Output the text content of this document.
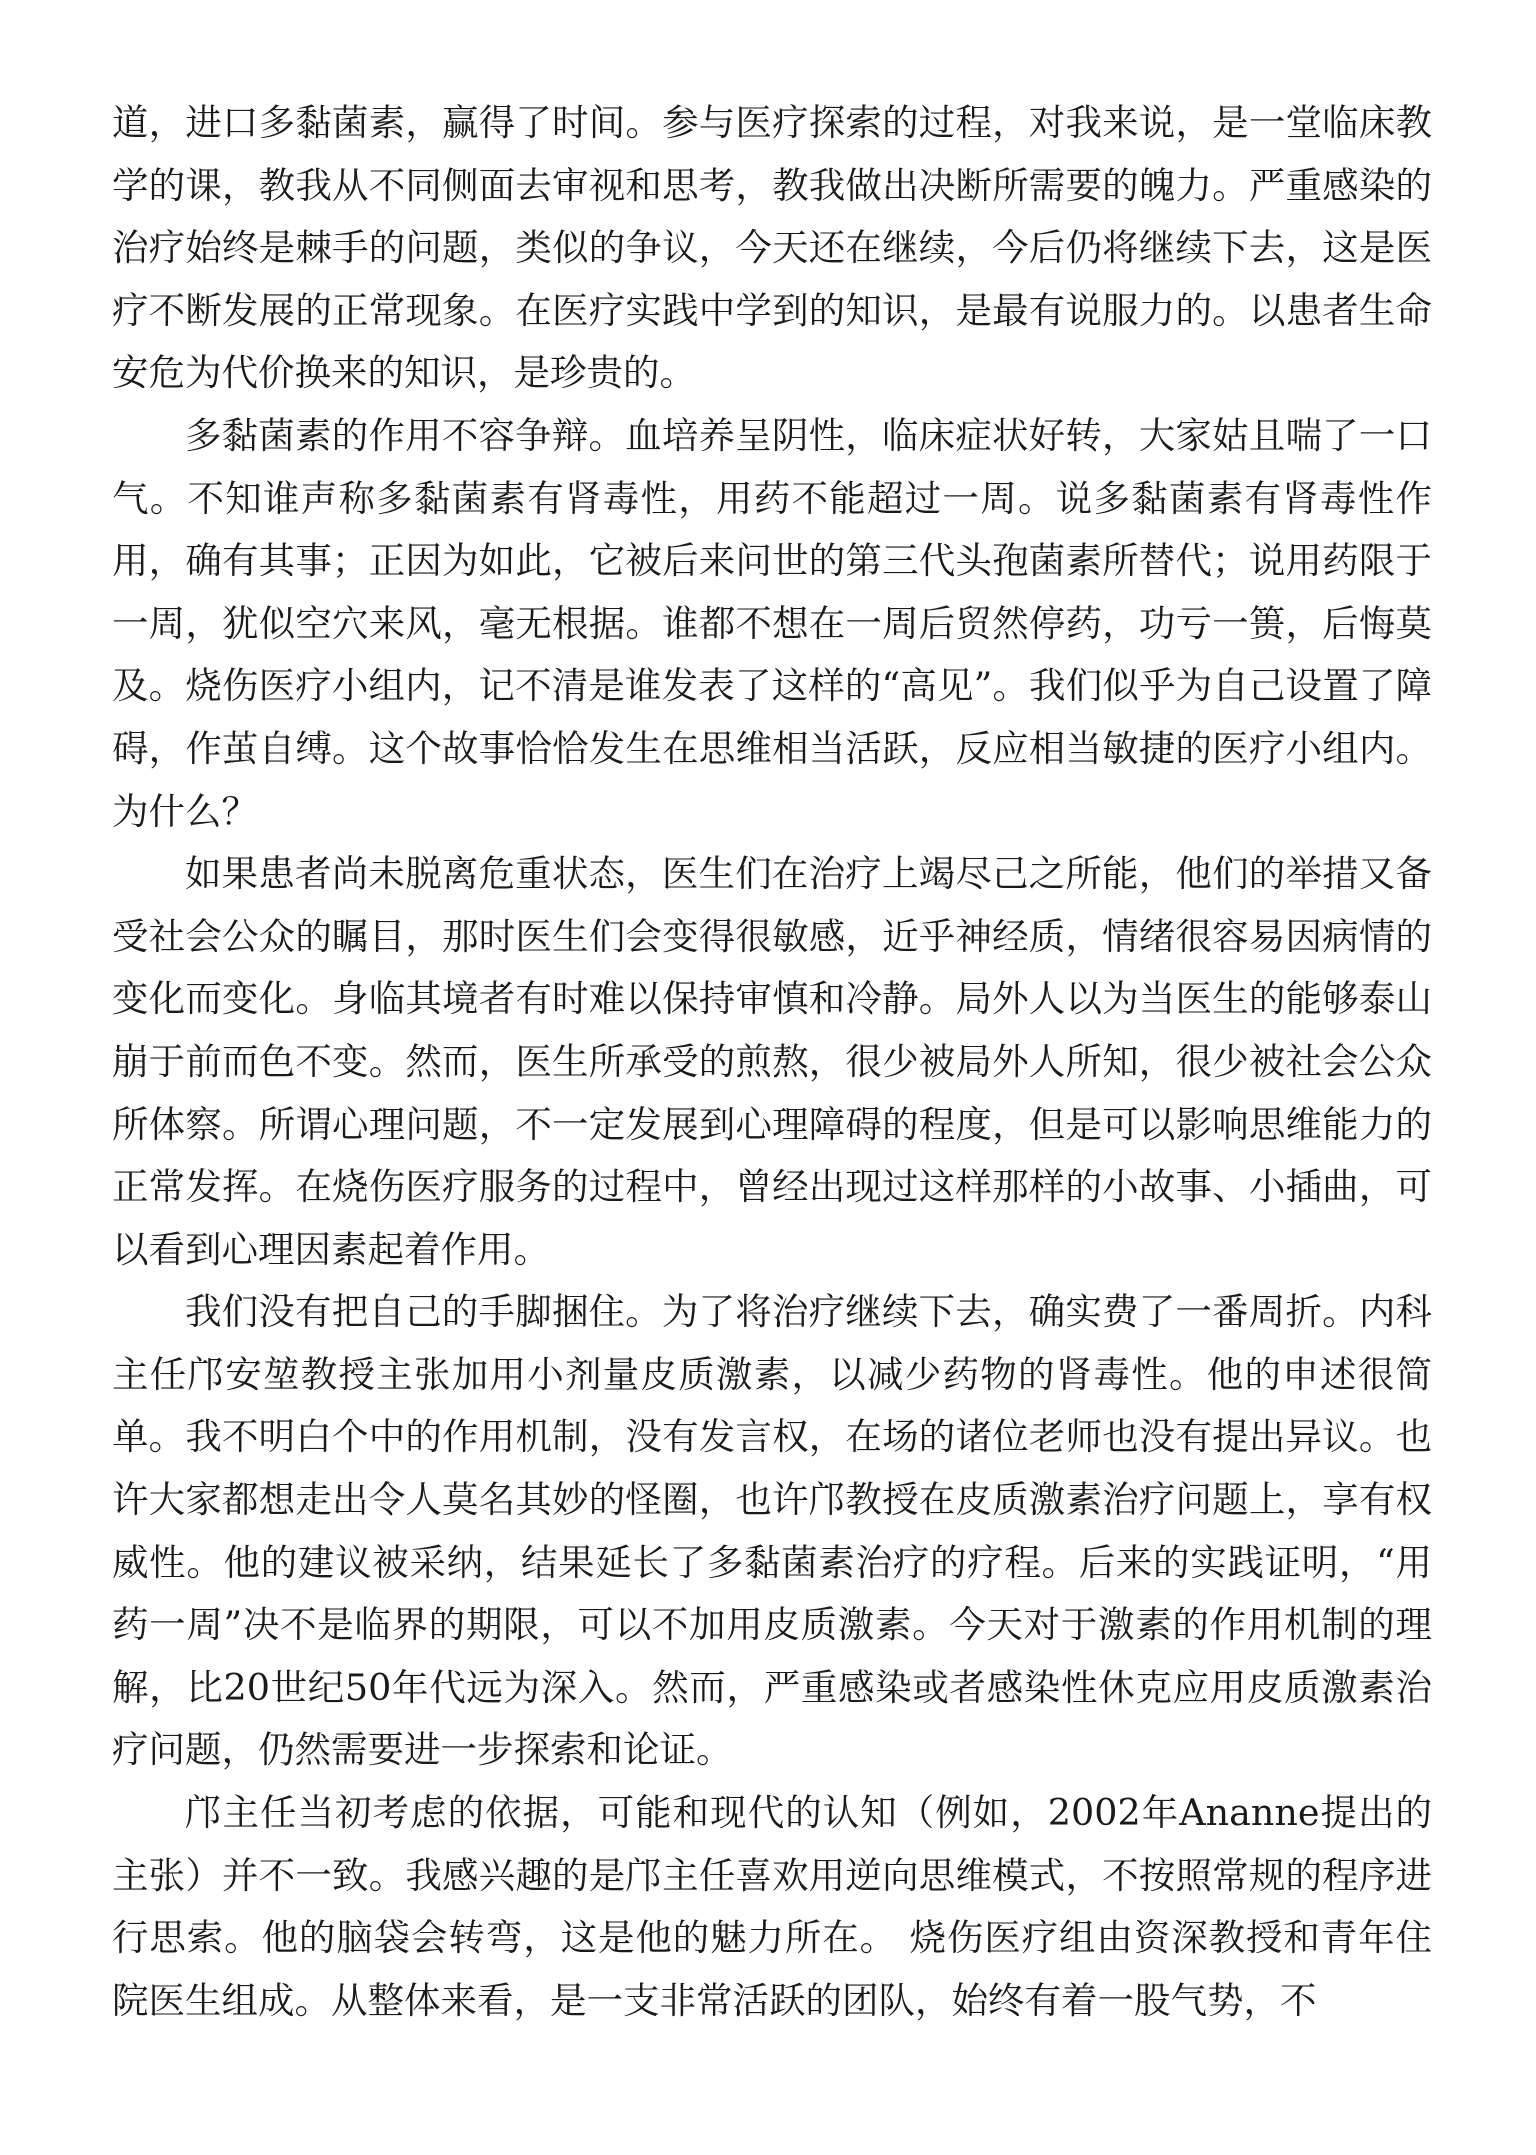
道，进口多黏菌素，赢得了时间。参与医疗探索的过程，对我来说，是一堂临床教学的课，教我从不同侧面去审视和思考，教我做出决断所需要的魄力。严重感染的治疗始终是棘手的问题，类似的争议，今天还在继续，今后仍将继续下去，这是医疗不断发展的正常现象。在医疗实践中学到的知识，是最有说服力的。以患者生命安危为代价换来的知识，是珍贵的。

多黏菌素的作用不容争辩。血培养呈阴性，临床症状好转，大家姑且喘了一口气。不知谁声称多黏菌素有肾毒性，用药不能超过一周。说多黏菌素有肾毒性作用，确有其事；正因为如此，它被后来问世的第三代头孢菌素所替代；说用药限于一周，犹似空穴来风，毫无根据。谁都不想在一周后贸然停药，功亏一篑，后悔莫及。烧伤医疗小组内，记不清是谁发表了这样的“高见”。我们似乎为自己设置了障碍，作茧自缚。这个故事恰恰发生在思维相当活跃，反应相当敏捷的医疗小组内。为什么？

如果患者尚未脱离危重状态，医生们在治疗上竭尽己之所能，他们的举措又备受社会公众的瞩目，那时医生们会变得很敏感，近乎神经质，情绪很容易因病情的变化而变化。身临其境者有时难以保持审慎和冷静。局外人以为当医生的能够泰山崩于前而色不变。然而，医生所承受的煎熬，很少被局外人所知，很少被社会公众所体察。所谓心理问题，不一定发展到心理障碍的程度，但是可以影响思维能力的正常发挥。在烧伤医疗服务的过程中，曾经出现过这样那样的小故事、小插曲，可以看到心理因素起着作用。

我们没有把自己的手脚捆住。为了将治疗继续下去，确实费了一番周折。内科主任邝安堃教授主张加用小剂量皮质激素，以减少药物的肾毒性。他的申述很简单。我不明白个中的作用机制，没有发言权，在场的诸位老师也没有提出异议。也许大家都想走出令人莫名其妙的怪圈，也许邝教授在皮质激素治疗问题上，享有权威性。他的建议被采纳，结果延长了多黏菌素治疗的疗程。后来的实践证明，“用药一周”决不是临界的期限，可以不加用皮质激素。今天对于激素的作用机制的理解，比20世纪50年代远为深入。然而，严重感染或者感染性休克应用皮质激素治疗问题，仍然需要进一步探索和论证。

邝主任当初考虑的依据，可能和现代的认知（例如，2002年Ananne提出的主张）并不一致。我感兴趣的是邝主任喜欢用逆向思维模式，不按照常规的程序进行思索。他的脑袋会转弯，这是他的魅力所在。 烧伤医疗组由资深教授和青年住院医生组成。从整体来看，是一支非常活跃的团队，始终有着一股气势，不
